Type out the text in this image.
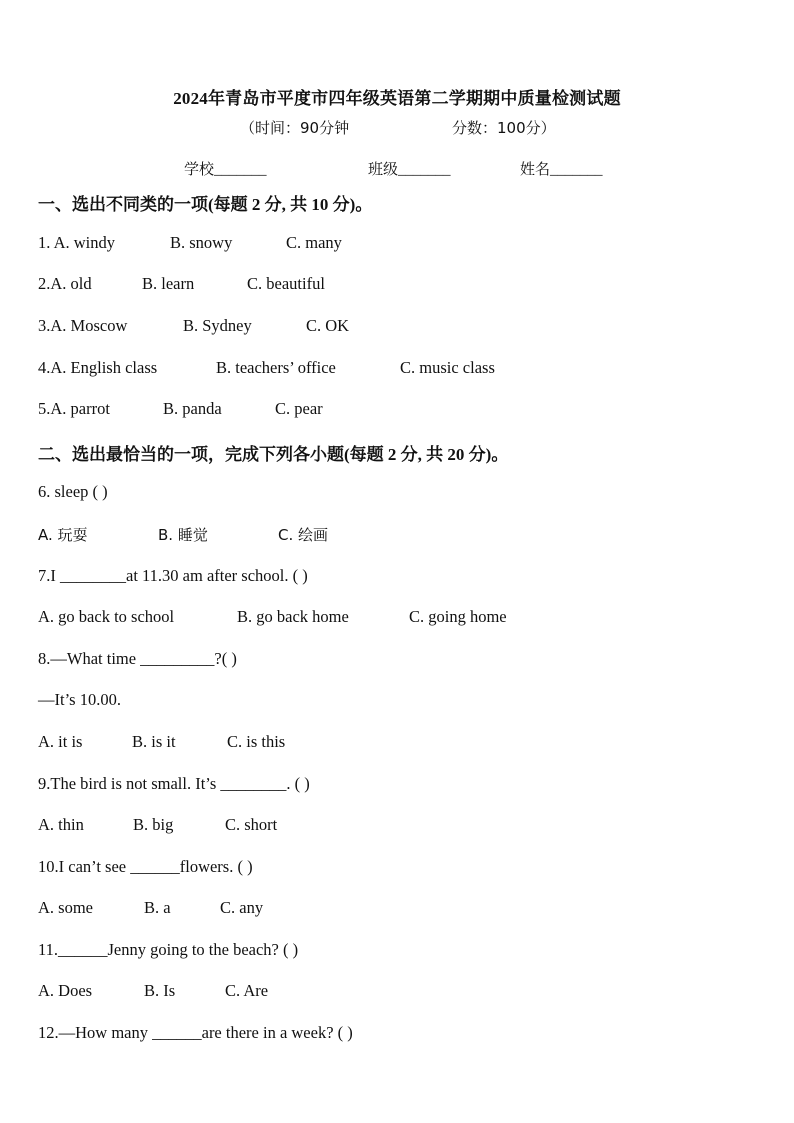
2024年青岛市平度市四年级英语第二学期期中质量检测试题
（时间：90分钟	分数：100分）
学校_______	班级_______	姓名_______
一、选出不同类的一项(每题 2 分, 共 10 分)。
1. A. windy	B. snowy	C. many
2.A. old	B. learn	C. beautiful
3.A. Moscow	B. Sydney	C. OK
4.A. English class	B. teachers’ office	C. music class
5.A. parrot	B. panda	C. pear
二、选出最恰当的一项，完成下列各小题(每题 2 分, 共 20 分)。
6. sleep ( )
A. 玩耍	B. 睡觉	C. 绘画
7.I ________at 11.30 am after school. ( )
A. go back to school	B. go back home	C. going home
8.—What time _________?( )
—It’s 10.00.
A. it is	B. is it	C. is this
9.The bird is not small. It’s ________. ( )
A. thin	B. big	C. short
10.I can’t see ______flowers. ( )
A. some	B. a	C. any
11.______Jenny going to the beach? ( )
A. Does	B. Is	C. Are
12.—How many ______are there in a week? ( )
